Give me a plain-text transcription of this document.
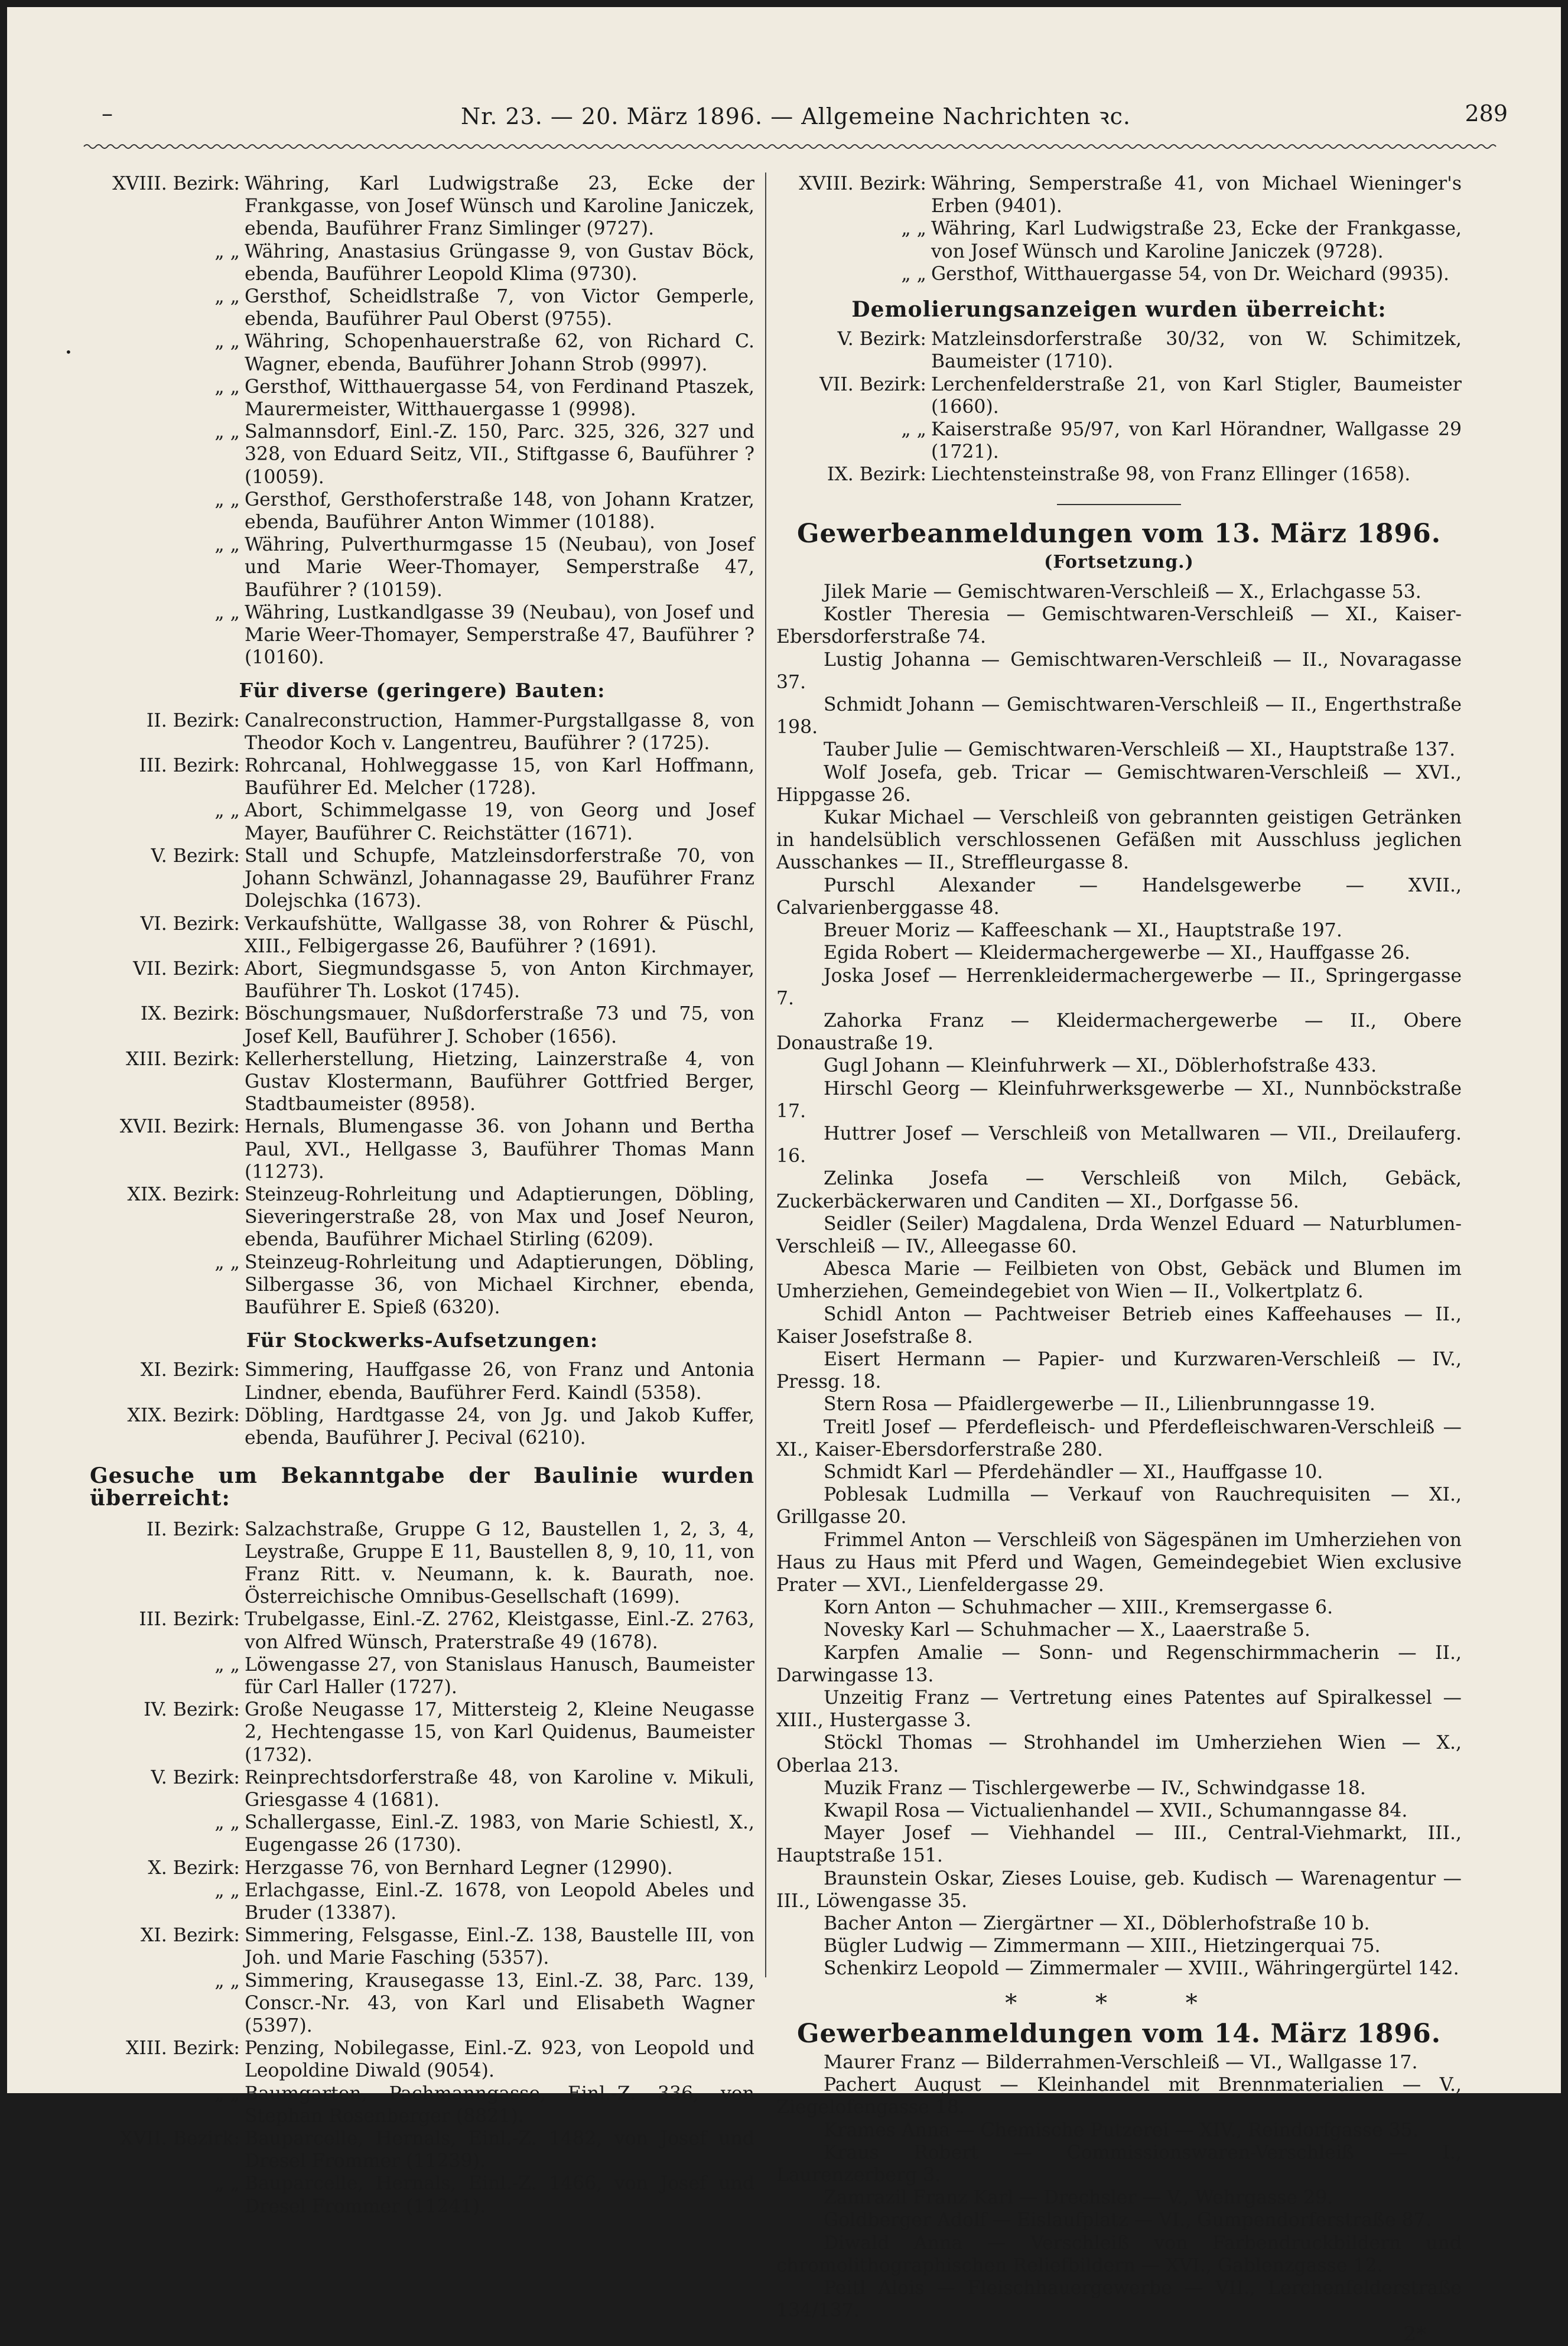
–	Nr. 23. — 20. März 1896. — Allgemeine Nachrichten ꝛc.	289
•
XVIII. Bezirk: Währing, Karl Ludwigstraße 23, Ecke der Frankgasse, von Josef Wünsch und Karoline Janiczek, ebenda, Bauführer Franz Simlinger (9727).
„ „ Währing, Anastasius Grüngasse 9, von Gustav Böck, ebenda, Bauführer Leopold Klima (9730).
„ „ Gersthof, Scheidlstraße 7, von Victor Gemperle, ebenda, Bauführer Paul Oberst (9755).
„ „ Währing, Schopenhauerstraße 62, von Richard C. Wagner, ebenda, Bauführer Johann Strob (9997).
„ „ Gersthof, Witthauergasse 54, von Ferdinand Ptaszek, Maurermeister, Witthauergasse 1 (9998).
„ „ Salmannsdorf, Einl.-Z. 150, Parc. 325, 326, 327 und 328, von Eduard Seitz, VII., Stiftgasse 6, Bauführer ? (10059).
„ „ Gersthof, Gersthoferstraße 148, von Johann Kratzer, ebenda, Bauführer Anton Wimmer (10188).
„ „ Währing, Pulverthurmgasse 15 (Neubau), von Josef und Marie Weer-Thomayer, Semperstraße 47, Bauführer ? (10159).
„ „ Währing, Lustkandlgasse 39 (Neubau), von Josef und Marie Weer-Thomayer, Semperstraße 47, Bauführer ? (10160).
Für diverse (geringere) Bauten:
II. Bezirk: Canalreconstruction, Hammer-Purgstallgasse 8, von Theodor Koch v. Langentreu, Bauführer ? (1725).
III. Bezirk: Rohrcanal, Hohlweggasse 15, von Karl Hoffmann, Bauführer Ed. Melcher (1728).
„ „ Abort, Schimmelgasse 19, von Georg und Josef Mayer, Bauführer C. Reichstätter (1671).
V. Bezirk: Stall und Schupfe, Matzleinsdorferstraße 70, von Johann Schwänzl, Johannagasse 29, Bauführer Franz Dolejschka (1673).
VI. Bezirk: Verkaufshütte, Wallgasse 38, von Rohrer & Püschl, XIII., Felbigergasse 26, Bauführer ? (1691).
VII. Bezirk: Abort, Siegmundsgasse 5, von Anton Kirchmayer, Bauführer Th. Loskot (1745).
IX. Bezirk: Böschungsmauer, Nußdorferstraße 73 und 75, von Josef Kell, Bauführer J. Schober (1656).
XIII. Bezirk: Kellerherstellung, Hietzing, Lainzerstraße 4, von Gustav Klostermann, Bauführer Gottfried Berger, Stadtbaumeister (8958).
XVII. Bezirk: Hernals, Blumengasse 36. von Johann und Bertha Paul, XVI., Hellgasse 3, Bauführer Thomas Mann (11273).
XIX. Bezirk: Steinzeug-Rohrleitung und Adaptierungen, Döbling, Sieveringerstraße 28, von Max und Josef Neuron, ebenda, Bauführer Michael Stirling (6209).
„ „ Steinzeug-Rohrleitung und Adaptierungen, Döbling, Silbergasse 36, von Michael Kirchner, ebenda, Bauführer E. Spieß (6320).
Für Stockwerks-Aufsetzungen:
XI. Bezirk: Simmering, Hauffgasse 26, von Franz und Antonia Lindner, ebenda, Bauführer Ferd. Kaindl (5358).
XIX. Bezirk: Döbling, Hardtgasse 24, von Jg. und Jakob Kuffer, ebenda, Bauführer J. Pecival (6210).
Gesuche um Bekanntgabe der Baulinie wurden überreicht:
II. Bezirk: Salzachstraße, Gruppe G 12, Baustellen 1, 2, 3, 4, Leystraße, Gruppe E 11, Baustellen 8, 9, 10, 11, von Franz Ritt. v. Neumann, k. k. Baurath, noe. Österreichische Omnibus-Gesellschaft (1699).
III. Bezirk: Trubelgasse, Einl.-Z. 2762, Kleistgasse, Einl.-Z. 2763, von Alfred Wünsch, Praterstraße 49 (1678).
„ „ Löwengasse 27, von Stanislaus Hanusch, Baumeister für Carl Haller (1727).
IV. Bezirk: Große Neugasse 17, Mittersteig 2, Kleine Neugasse 2, Hechtengasse 15, von Karl Quidenus, Baumeister (1732).
V. Bezirk: Reinprechtsdorferstraße 48, von Karoline v. Mikuli, Griesgasse 4 (1681).
„ „ Schallergasse, Einl.-Z. 1983, von Marie Schiestl, X., Eugengasse 26 (1730).
X. Bezirk: Herzgasse 76, von Bernhard Legner (12990).
„ „ Erlachgasse, Einl.-Z. 1678, von Leopold Abeles und Bruder (13387).
XI. Bezirk: Simmering, Felsgasse, Einl.-Z. 138, Baustelle III, von Joh. und Marie Fasching (5357).
„ „ Simmering, Krausegasse 13, Einl.-Z. 38, Parc. 139, Conscr.-Nr. 43, von Karl und Elisabeth Wagner (5397).
XIII. Bezirk: Penzing, Nobilegasse, Einl.-Z. 923, von Leopold und Leopoldine Diwald (9054).
„ „ Baumgarten, Pachmanngasse, Einl.-Z. 336, von Stephan Rosenberger (8821).
XVII. Bezirk: Bauparcelle, Hernals, Einl.-Z. 1482, von Josef und Dresel Frommer (11239).
„ „ Bauparcelle, Hernals, Einl.-Z. 1466, von Josef und Dresel Frommer (11241).
XVIII. Bezirk: Währing, Semperstraße 41, von Michael Wieninger's Erben (9401).
„ „ Währing, Karl Ludwigstraße 23, Ecke der Frankgasse, von Josef Wünsch und Karoline Janiczek (9728).
„ „ Gersthof, Witthauergasse 54, von Dr. Weichard (9935).
Demolierungsanzeigen wurden überreicht:
V. Bezirk: Matzleinsdorferstraße 30/32, von W. Schimitzek, Baumeister (1710).
VII. Bezirk: Lerchenfelderstraße 21, von Karl Stigler, Baumeister (1660).
„ „ Kaiserstraße 95/97, von Karl Hörandner, Wallgasse 29 (1721).
IX. Bezirk: Liechtensteinstraße 98, von Franz Ellinger (1658).
Gewerbeanmeldungen vom 13. März 1896.
(Fortsetzung.)
Jilek Marie — Gemischtwaren-Verschleiß — X., Erlachgasse 53.
Kostler Theresia — Gemischtwaren-Verschleiß — XI., Kaiser-Ebersdorferstraße 74.
Lustig Johanna — Gemischtwaren-Verschleiß — II., Novaragasse 37.
Schmidt Johann — Gemischtwaren-Verschleiß — II., Engerthstraße 198.
Tauber Julie — Gemischtwaren-Verschleiß — XI., Hauptstraße 137.
Wolf Josefa, geb. Tricar — Gemischtwaren-Verschleiß — XVI., Hippgasse 26.
Kukar Michael — Verschleiß von gebrannten geistigen Getränken in handelsüblich verschlossenen Gefäßen mit Ausschluss jeglichen Ausschankes — II., Streffleurgasse 8.
Purschl Alexander — Handelsgewerbe — XVII., Calvarienberggasse 48.
Breuer Moriz — Kaffeeschank — XI., Hauptstraße 197.
Egida Robert — Kleidermachergewerbe — XI., Hauffgasse 26.
Joska Josef — Herrenkleidermachergewerbe — II., Springergasse 7.
Zahorka Franz — Kleidermachergewerbe — II., Obere Donaustraße 19.
Gugl Johann — Kleinfuhrwerk — XI., Döblerhofstraße 433.
Hirschl Georg — Kleinfuhrwerksgewerbe — XI., Nunnböckstraße 17.
Huttrer Josef — Verschleiß von Metallwaren — VII., Dreilauferg. 16.
Zelinka Josefa — Verschleiß von Milch, Gebäck, Zuckerbäckerwaren und Canditen — XI., Dorfgasse 56.
Seidler (Seiler) Magdalena, Drda Wenzel Eduard — Naturblumen-Verschleiß — IV., Alleegasse 60.
Abesca Marie — Feilbieten von Obst, Gebäck und Blumen im Umherziehen, Gemeindegebiet von Wien — II., Volkertplatz 6.
Schidl Anton — Pachtweiser Betrieb eines Kaffeehauses — II., Kaiser Josefstraße 8.
Eisert Hermann — Papier- und Kurzwaren-Verschleiß — IV., Pressg. 18.
Stern Rosa — Pfaidlergewerbe — II., Lilienbrunngasse 19.
Treitl Josef — Pferdefleisch- und Pferdefleischwaren-Verschleiß — XI., Kaiser-Ebersdorferstraße 280.
Schmidt Karl — Pferdehändler — XI., Hauffgasse 10.
Poblesak Ludmilla — Verkauf von Rauchrequisiten — XI., Grillgasse 20.
Frimmel Anton — Verschleiß von Sägespänen im Umherziehen von Haus zu Haus mit Pferd und Wagen, Gemeindegebiet Wien exclusive Prater — XVI., Lienfeldergasse 29.
Korn Anton — Schuhmacher — XIII., Kremsergasse 6.
Novesky Karl — Schuhmacher — X., Laaerstraße 5.
Karpfen Amalie — Sonn- und Regenschirmmacherin — II., Darwingasse 13.
Unzeitig Franz — Vertretung eines Patentes auf Spiralkessel — XIII., Hustergasse 3.
Stöckl Thomas — Strohhandel im Umherziehen Wien — X., Oberlaa 213.
Muzik Franz — Tischlergewerbe — IV., Schwindgasse 18.
Kwapil Rosa — Victualienhandel — XVII., Schumanngasse 84.
Mayer Josef — Viehhandel — III., Central-Viehmarkt, III., Hauptstraße 151.
Braunstein Oskar, Zieses Louise, geb. Kudisch — Warenagentur — III., Löwengasse 35.
Bacher Anton — Ziergärtner — XI., Döblerhofstraße 10 b.
Bügler Ludwig — Zimmermann — XIII., Hietzingerquai 75.
Schenkirz Leopold — Zimmermaler — XVIII., Währingergürtel 142.
* * *
Gewerbeanmeldungen vom 14. März 1896.
Maurer Franz — Bilderrahmen-Verschleiß — VI., Wallgasse 17.
Pachert August — Kleinhandel mit Brennmaterialien — V., Ziegelofengasse 18.
Krames Anna — Chemische Putzerei — XIV., Reindorfgasse 35.
Kraus Robert — Commissionswaren-Verschleiß — I., Laurenzerberg 3.
Zamrazil Franz Karl — Drechsler — V., Wehrgasse 29.
Goldberger Adolf — Eislaufplatz — VI., Gumpendorferstraße 87.
Diwald Anna — Verschleiß von Farbendruckbildern und chromolithographischen Reliefbildern — XVI., Gablenzgasse 12.
Peitl Alois — Fleischhauergewerbe — VII., Lerchenfelderstraße 134/137.
2*
